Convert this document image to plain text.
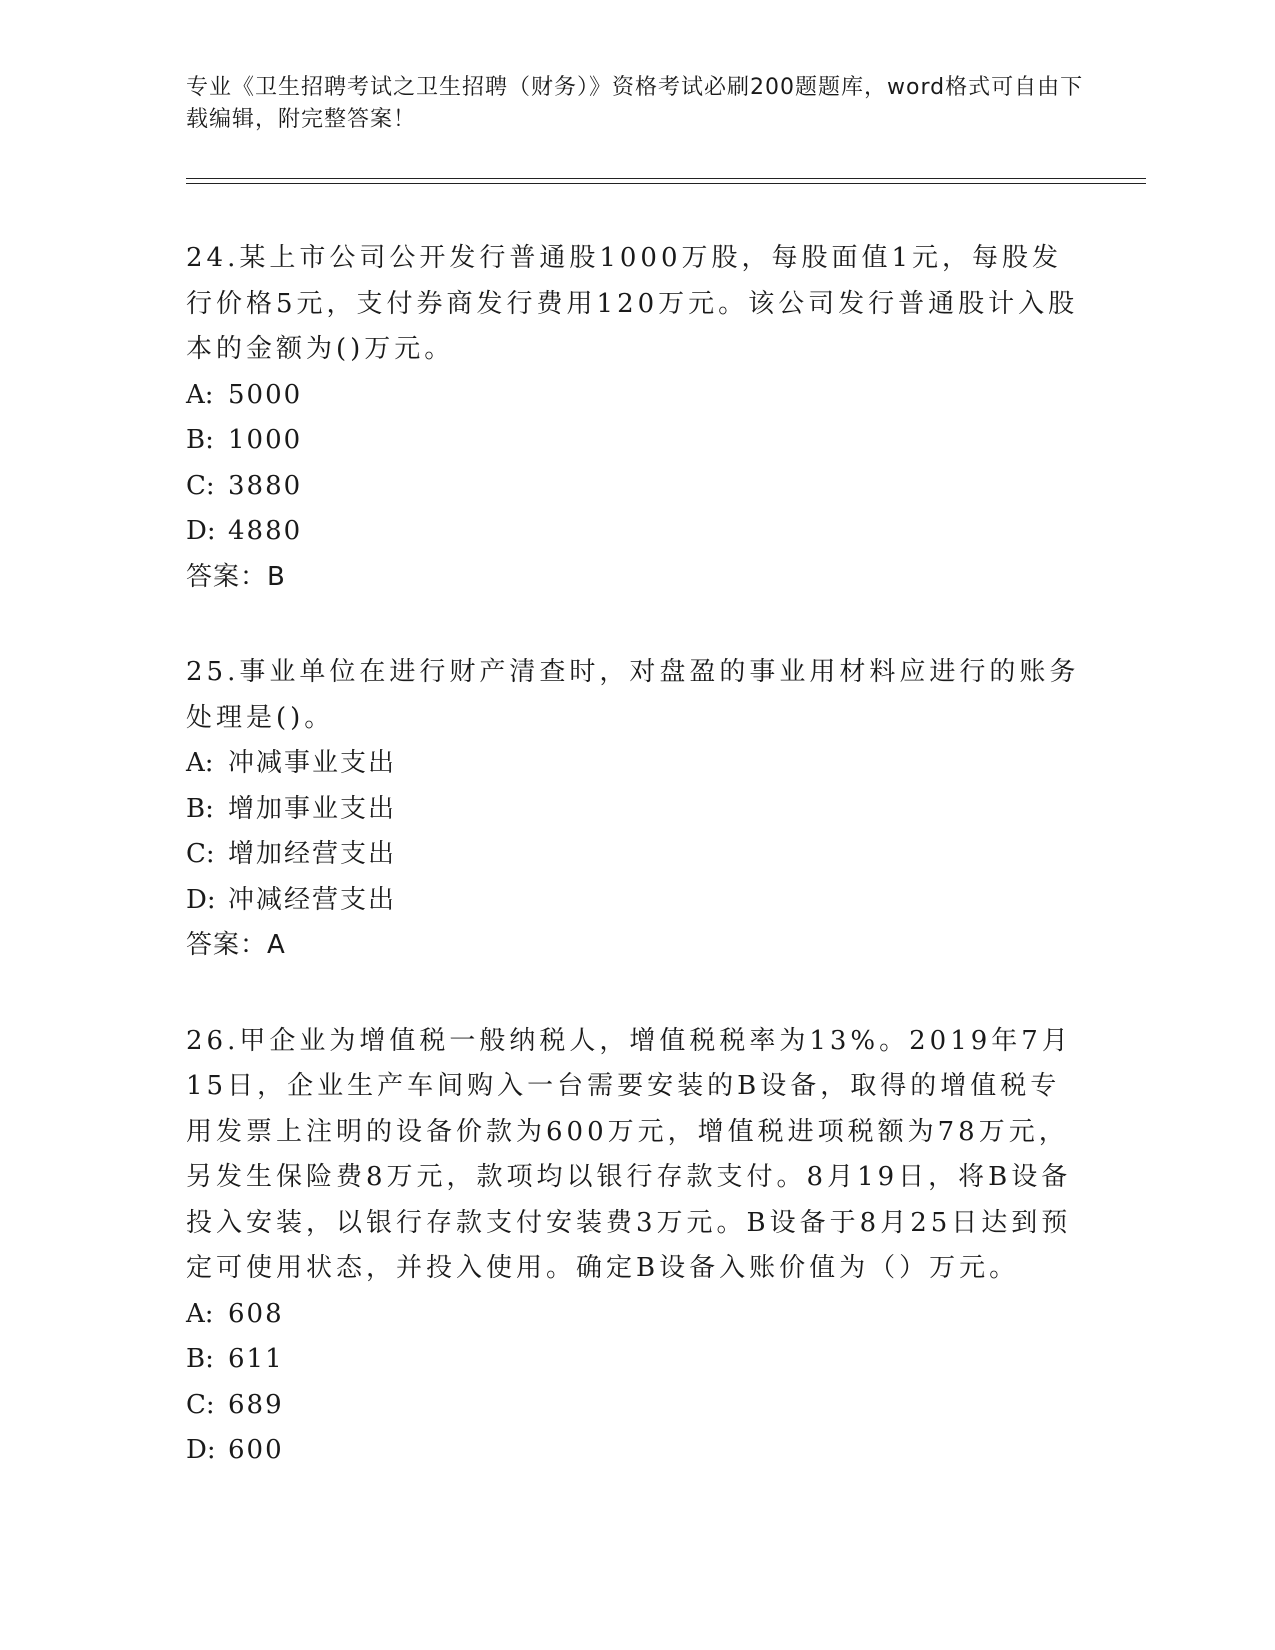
专业《卫生招聘考试之卫生招聘（财务）》资格考试必刷200题题库，word格式可自由下载编辑，附完整答案！
24.某上市公司公开发行普通股1000万股，每股面值1元，每股发行价格5元，支付券商发行费用120万元。该公司发行普通股计入股本的金额为()万元。
A: 5000
B: 1000
C: 3880
D: 4880
答案：B
25.事业单位在进行财产清查时，对盘盈的事业用材料应进行的账务处理是()。
A: 冲减事业支出
B: 增加事业支出
C: 增加经营支出
D: 冲减经营支出
答案：A
26.甲企业为增值税一般纳税人，增值税税率为13%。2019年7月15日，企业生产车间购入一台需要安装的B设备，取得的增值税专用发票上注明的设备价款为600万元，增值税进项税额为78万元，另发生保险费8万元，款项均以银行存款支付。8月19日，将B设备投入安装，以银行存款支付安装费3万元。B设备于8月25日达到预定可使用状态，并投入使用。确定B设备入账价值为（）万元。
A: 608
B: 611
C: 689
D: 600
